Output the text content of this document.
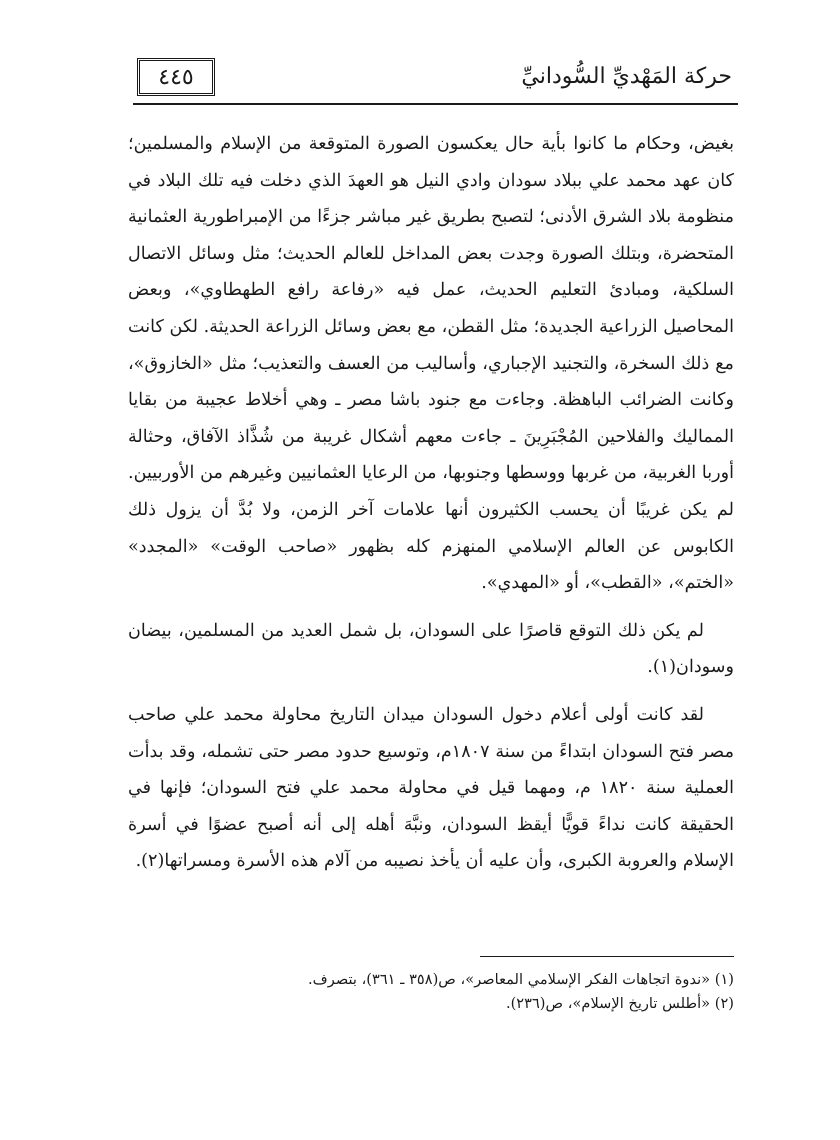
حركة المَهْديِّ السُّودانيِّ
٤٤٥

بغيض، وحكام ما كانوا بأية حال يعكسون الصورة المتوقعة من الإسلام والمسلمين؛ كان عهد محمد علي ببلاد سودان وادي النيل هو العهدَ الذي دخلت فيه تلك البلاد في منظومة بلاد الشرق الأدنى؛ لتصبح بطريق غير مباشر جزءًا من الإمبراطورية العثمانية المتحضرة، وبتلك الصورة وجدت بعض المداخل للعالم الحديث؛ مثل وسائل الاتصال السلكية، ومبادئ التعليم الحديث، عمل فيه «رفاعة رافع الطهطاوي»، وبعض المحاصيل الزراعية الجديدة؛ مثل القطن، مع بعض وسائل الزراعة الحديثة. لكن كانت مع ذلك السخرة، والتجنيد الإجباري، وأساليب من العسف والتعذيب؛ مثل «الخازوق»، وكانت الضرائب الباهظة. وجاءت مع جنود باشا مصر ـ وهي أخلاط عجيبة من بقايا المماليك والفلاحين المُجْبَرِينَ ـ جاءت معهم أشكال غريبة من شُذَّاذ الآفاق، وحثالة أوربا الغربية، من غربها ووسطها وجنوبها، من الرعايا العثمانيين وغيرهم من الأوربيين. لم يكن غريبًا أن يحسب الكثيرون أنها علامات آخر الزمن، ولا بُدَّ أن يزول ذلك الكابوس عن العالم الإسلامي المنهزم كله بظهور «صاحب الوقت» «المجدد» «الختم»، «القطب»، أو «المهدي».

لم يكن ذلك التوقع قاصرًا على السودان، بل شمل العديد من المسلمين، بيضان وسودان(١).

لقد كانت أولى أعلام دخول السودان ميدان التاريخ محاولة محمد علي صاحب مصر فتح السودان ابتداءً من سنة ١٨٠٧م، وتوسيع حدود مصر حتى تشمله، وقد بدأت العملية سنة ١٨٢٠ م، ومهما قيل في محاولة محمد علي فتح السودان؛ فإنها في الحقيقة كانت نداءً قويًّا أيقظ السودان، ونبَّهَ أهله إلى أنه أصبح عضوًا في أسرة الإسلام والعروبة الكبرى، وأن عليه أن يأخذ نصيبه من آلام هذه الأسرة ومسراتها(٢).

(١) «ندوة اتجاهات الفكر الإسلامي المعاصر»، ص(٣٥٨ ـ ٣٦١)، بتصرف.

(٢) «أطلس تاريخ الإسلام»، ص(٢٣٦).
